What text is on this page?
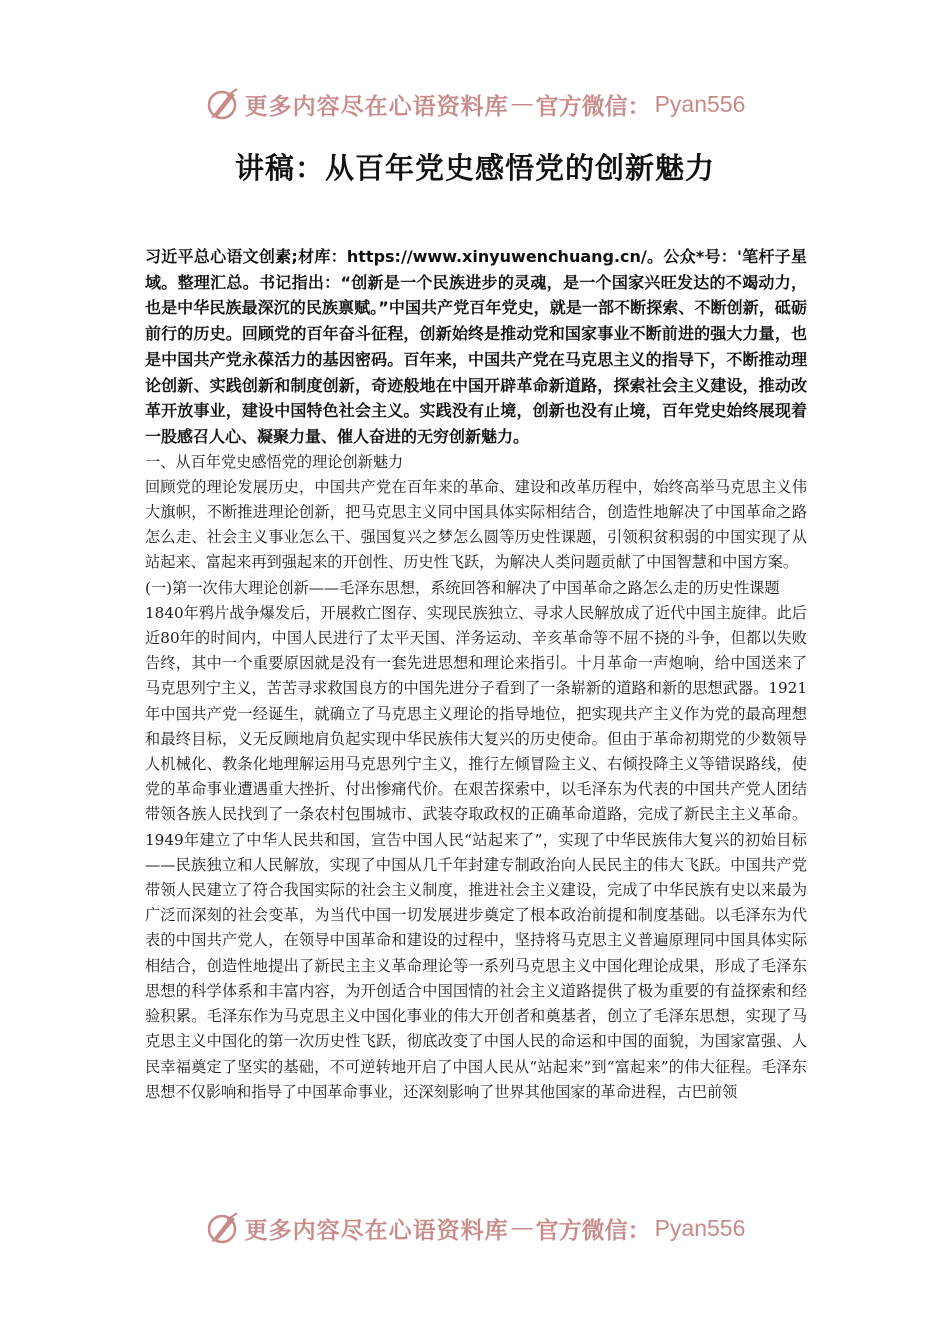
更多内容尽在心语资料库 — 官方微信： Pyan556
讲稿：从百年党史感悟党的创新魅力

习近平总心语文创素;材库：https://www.xinyuwenchuang.cn/。公众*号：'笔杆子星域。整理汇总。书记指出：“创新是一个民族进步的灵魂，是一个国家兴旺发达的不竭动力，也是中华民族最深沉的民族禀赋。”中国共产党百年党史，就是一部不断探索、不断创新，砥砺前行的历史。回顾党的百年奋斗征程，创新始终是推动党和国家事业不断前进的强大力量，也是中国共产党永葆活力的基因密码。百年来，中国共产党在马克思主义的指导下，不断推动理论创新、实践创新和制度创新，奇迹般地在中国开辟革命新道路，探索社会主义建设，推动改革开放事业，建设中国特色社会主义。实践没有止境，创新也没有止境，百年党史始终展现着一股感召人心、凝聚力量、催人奋进的无穷创新魅力。

一、从百年党史感悟党的理论创新魅力

回顾党的理论发展历史，中国共产党在百年来的革命、建设和改革历程中，始终高举马克思主义伟大旗帜，不断推进理论创新，把马克思主义同中国具体实际相结合，创造性地解决了中国革命之路怎么走、社会主义事业怎么干、强国复兴之梦怎么圆等历史性课题，引领积贫积弱的中国实现了从站起来、富起来再到强起来的开创性、历史性飞跃，为解决人类问题贡献了中国智慧和中国方案。

(一)第一次伟大理论创新——毛泽东思想，系统回答和解决了中国革命之路怎么走的历史性课题

1840年鸦片战争爆发后，开展救亡图存、实现民族独立、寻求人民解放成了近代中国主旋律。此后近80年的时间内，中国人民进行了太平天国、洋务运动、辛亥革命等不屈不挠的斗争，但都以失败告终，其中一个重要原因就是没有一套先进思想和理论来指引。十月革命一声炮响，给中国送来了马克思列宁主义，苦苦寻求救国良方的中国先进分子看到了一条崭新的道路和新的思想武器。1921年中国共产党一经诞生，就确立了马克思主义理论的指导地位，把实现共产主义作为党的最高理想和最终目标，义无反顾地肩负起实现中华民族伟大复兴的历史使命。但由于革命初期党的少数领导人机械化、教条化地理解运用马克思列宁主义，推行左倾冒险主义、右倾投降主义等错误路线，使党的革命事业遭遇重大挫折、付出惨痛代价。在艰苦探索中，以毛泽东为代表的中国共产党人团结带领各族人民找到了一条农村包围城市、武装夺取政权的正确革命道路，完成了新民主主义革命。1949年建立了中华人民共和国，宣告中国人民“站起来了”，实现了中华民族伟大复兴的初始目标——民族独立和人民解放，实现了中国从几千年封建专制政治向人民民主的伟大飞跃。中国共产党带领人民建立了符合我国实际的社会主义制度，推进社会主义建设，完成了中华民族有史以来最为广泛而深刻的社会变革，为当代中国一切发展进步奠定了根本政治前提和制度基础。以毛泽东为代表的中国共产党人，在领导中国革命和建设的过程中，坚持将马克思主义普遍原理同中国具体实际相结合，创造性地提出了新民主主义革命理论等一系列马克思主义中国化理论成果，形成了毛泽东思想的科学体系和丰富内容，为开创适合中国国情的社会主义道路提供了极为重要的有益探索和经验积累。毛泽东作为马克思主义中国化事业的伟大开创者和奠基者，创立了毛泽东思想，实现了马克思主义中国化的第一次历史性飞跃，彻底改变了中国人民的命运和中国的面貌，为国家富强、人民幸福奠定了坚实的基础，不可逆转地开启了中国人民从“站起来”到“富起来”的伟大征程。毛泽东思想不仅影响和指导了中国革命事业，还深刻影响了世界其他国家的革命进程，古巴前领

更多内容尽在心语资料库 — 官方微信： Pyan556
